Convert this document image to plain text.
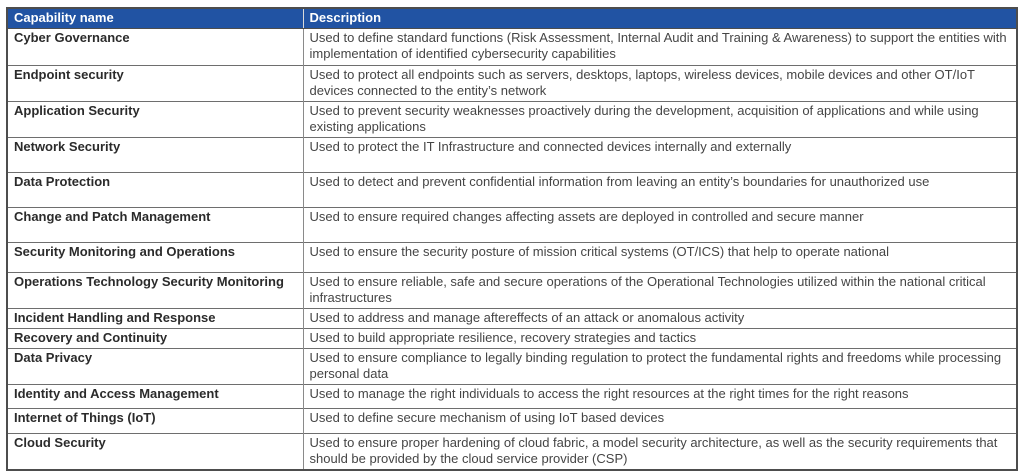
Capability name	Description
Cyber Governance	Used to define standard functions (Risk Assessment, Internal Audit and Training & Awareness) to support the entities with implementation of identified cybersecurity capabilities
Endpoint security	Used to protect all endpoints such as servers, desktops, laptops, wireless devices, mobile devices and other OT/IoT devices connected to the entity’s network
Application Security	Used to prevent security weaknesses proactively during the development, acquisition of applications and while using existing applications
Network Security	Used to protect the IT Infrastructure and connected devices internally and externally
Data Protection	Used to detect and prevent confidential information from leaving an entity’s boundaries for unauthorized use
Change and Patch Management	Used to ensure required changes affecting assets are deployed in controlled and secure manner
Security Monitoring and Operations	Used to ensure the security posture of mission critical systems (OT/ICS) that help to operate national
Operations Technology Security Monitoring	Used to ensure reliable, safe and secure operations of the Operational Technologies utilized within the national critical infrastructures
Incident Handling and Response	Used to address and manage aftereffects of an attack or anomalous activity
Recovery and Continuity	Used to build appropriate resilience, recovery strategies and tactics
Data Privacy	Used to ensure compliance to legally binding regulation to protect the fundamental rights and freedoms while processing personal data
Identity and Access Management	Used to manage the right individuals to access the right resources at the right times for the right reasons
Internet of Things (IoT)	Used to define secure mechanism of using IoT based devices
Cloud Security	Used to ensure proper hardening of cloud fabric, a model security architecture, as well as the security requirements that should be provided by the cloud service provider (CSP)
